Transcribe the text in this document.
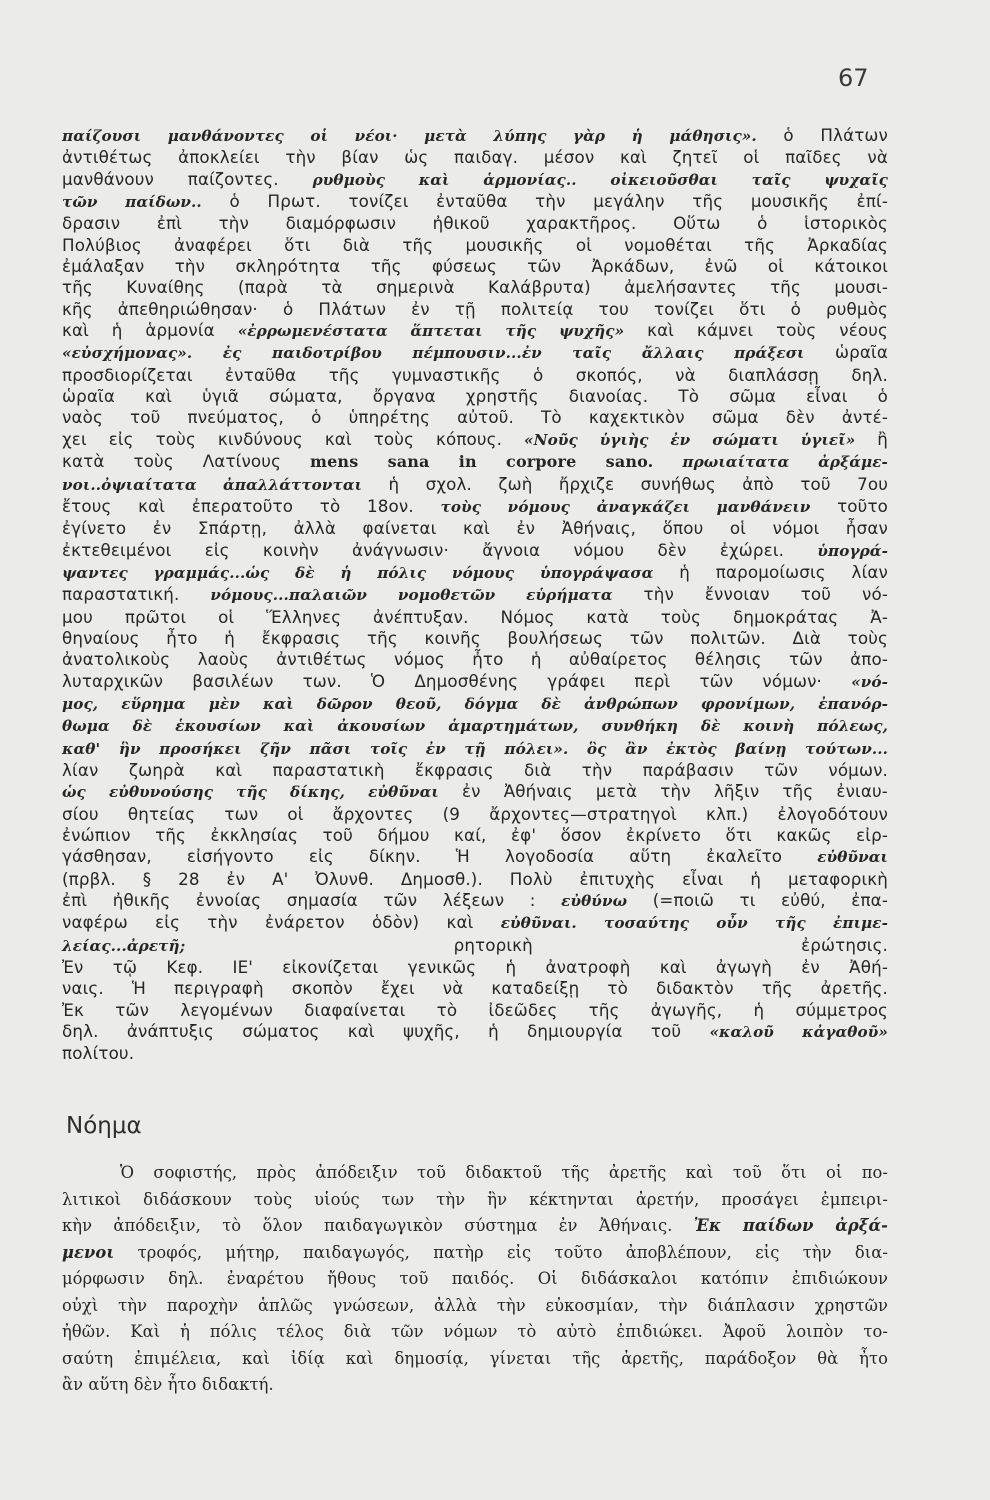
67
παίζουσι μανθάνοντες οἱ νέοι· μετὰ λύπης γὰρ ἡ μάθησις». ὁ Πλάτων
ἀντιθέτως ἀποκλείει τὴν βίαν ὡς παιδαγ. μέσον καὶ ζητεῖ οἱ παῖδες νὰ
μανθάνουν παίζοντες. ρυθμοὺς καὶ ἁρμονίας.. οἰκειοῦσθαι ταῖς ψυχαῖς
τῶν παίδων.. ὁ Πρωτ. τονίζει ἐνταῦθα τὴν μεγάλην τῆς μουσικῆς ἐπί-
δρασιν ἐπὶ τὴν διαμόρφωσιν ἠθικοῦ χαρακτῆρος. Οὕτω ὁ ἱστορικὸς
Πολύβιος ἀναφέρει ὅτι διὰ τῆς μουσικῆς οἱ νομοθέται τῆς Ἀρκαδίας
ἐμάλαξαν τὴν σκληρότητα τῆς φύσεως τῶν Ἀρκάδων, ἐνῶ οἱ κάτοικοι
τῆς Κυναίθης (παρὰ τὰ σημερινὰ Καλάβρυτα) ἀμελήσαντες τῆς μουσι-
κῆς ἀπεθηριώθησαν· ὁ Πλάτων ἐν τῇ πολιτείᾳ του τονίζει ὅτι ὁ ρυθμὸς
καὶ ἡ ἁρμονία «ἐρρωμενέστατα ἅπτεται τῆς ψυχῆς» καὶ κάμνει τοὺς νέους
«εὐσχήμονας». ἐς παιδοτρίβου πέμπουσιν...ἐν ταῖς ἄλλαις πράξεσι ὡραῖα
προσδιορίζεται ἐνταῦθα τῆς γυμναστικῆς ὁ σκοπός, νὰ διαπλάσσῃ δηλ.
ὡραῖα καὶ ὑγιᾶ σώματα, ὄργανα χρηστῆς διανοίας. Τὸ σῶμα εἶναι ὁ
ναὸς τοῦ πνεύματος, ὁ ὑπηρέτης αὐτοῦ. Τὸ καχεκτικὸν σῶμα δὲν ἀντέ-
χει εἰς τοὺς κινδύνους καὶ τοὺς κόπους. «Νοῦς ὑγιὴς ἐν σώματι ὑγιεῖ» ἢ
κατὰ τοὺς Λατίνους mens sana in corpore sano. πρωιαίτατα ἀρξάμε-
νοι..ὀψιαίτατα ἀπαλλάττονται ἡ σχολ. ζωὴ ἤρχιζε συνήθως ἀπὸ τοῦ 7ου
ἔτους καὶ ἐπερατοῦτο τὸ 18ον. τοὺς νόμους ἀναγκάζει μανθάνειν τοῦτο
ἐγίνετο ἐν Σπάρτῃ, ἀλλὰ φαίνεται καὶ ἐν Ἀθήναις, ὅπου οἱ νόμοι ἦσαν
ἐκτεθειμένοι εἰς κοινὴν ἀνάγνωσιν· ἄγνοια νόμου δὲν ἐχώρει. ὑπογρά-
ψαντες γραμμάς...ὡς δὲ ἡ πόλις νόμους ὑπογράψασα ἡ παρομοίωσις λίαν
παραστατική. νόμους...παλαιῶν νομοθετῶν εὑρήματα τὴν ἔννοιαν τοῦ νό-
μου πρῶτοι οἱ Ἕλληνες ἀνέπτυξαν. Νόμος κατὰ τοὺς δημοκράτας Ἀ-
θηναίους ἦτο ἡ ἔκφρασις τῆς κοινῆς βουλήσεως τῶν πολιτῶν. Διὰ τοὺς
ἀνατολικοὺς λαοὺς ἀντιθέτως νόμος ἦτο ἡ αὐθαίρετος θέλησις τῶν ἀπο-
λυταρχικῶν βασιλέων των. Ὁ Δημοσθένης γράφει περὶ τῶν νόμων· «νό-
μος, εὕρημα μὲν καὶ δῶρον θεοῦ, δόγμα δὲ ἀνθρώπων φρονίμων, ἐπανόρ-
θωμα δὲ ἑκουσίων καὶ ἀκουσίων ἁμαρτημάτων, συνθήκη δὲ κοινὴ πόλεως,
καθ' ἣν προσήκει ζῆν πᾶσι τοῖς ἐν τῇ πόλει». ὃς ἂν ἐκτὸς βαίνῃ τούτων...
λίαν ζωηρὰ καὶ παραστατικὴ ἔκφρασις διὰ τὴν παράβασιν τῶν νόμων.
ὡς εὐθυνούσης τῆς δίκης, εὐθῦναι ἐν Ἀθήναις μετὰ τὴν λῆξιν τῆς ἐνιαυ-
σίου θητείας των οἱ ἄρχοντες (9 ἄρχοντες—στρατηγοὶ κλπ.) ἐλογοδότουν
ἐνώπιον τῆς ἐκκλησίας τοῦ δήμου καί, ἐφ' ὅσον ἐκρίνετο ὅτι κακῶς εἰρ-
γάσθησαν, εἰσήγοντο εἰς δίκην. Ἡ λογοδοσία αὕτη ἐκαλεῖτο εὐθῦναι
(πρβλ. § 28 ἐν Α' Ὀλυνθ. Δημοσθ.). Πολὺ ἐπιτυχὴς εἶναι ἡ μεταφορικὴ
ἐπὶ ἠθικῆς ἐννοίας σημασία τῶν λέξεων : εὐθύνω (=ποιῶ τι εὐθύ, ἐπα-
ναφέρω εἰς τὴν ἐνάρετον ὁδὸν) καὶ εὐθῦναι. τοσαύτης οὖν τῆς ἐπιμε-
λείας...ἀρετῆ; ρητορικὴ ἐρώτησις.
Ἐν τῷ Κεφ. ΙΕ' εἰκονίζεται γενικῶς ἡ ἀνατροφὴ καὶ ἀγωγὴ ἐν Ἀθή-
ναις. Ἡ περιγραφὴ σκοπὸν ἔχει νὰ καταδείξῃ τὸ διδακτὸν τῆς ἀρετῆς.
Ἐκ τῶν λεγομένων διαφαίνεται τὸ ἰδεῶδες τῆς ἀγωγῆς, ἡ σύμμετρος
δηλ. ἀνάπτυξις σώματος καὶ ψυχῆς, ἡ δημιουργία τοῦ «καλοῦ κἀγαθοῦ»
πολίτου.
Νόημα
Ὁ σοφιστής, πρὸς ἀπόδειξιν τοῦ διδακτοῦ τῆς ἀρετῆς καὶ τοῦ ὅτι οἱ πο-
λιτικοὶ διδάσκουν τοὺς υἱούς των τὴν ἣν κέκτηνται ἀρετήν, προσάγει ἐμπειρι-
κὴν ἀπόδειξιν, τὸ ὅλον παιδαγωγικὸν σύστημα ἐν Ἀθήναις. Ἐκ παίδων ἀρξά-
μενοι τροφός, μήτηρ, παιδαγωγός, πατὴρ εἰς τοῦτο ἀποβλέπουν, εἰς τὴν δια-
μόρφωσιν δηλ. ἐναρέτου ἤθους τοῦ παιδός. Οἱ διδάσκαλοι κατόπιν ἐπιδιώκουν
οὐχὶ τὴν παροχὴν ἁπλῶς γνώσεων, ἀλλὰ τὴν εὐκοσμίαν, τὴν διάπλασιν χρηστῶν
ἠθῶν. Καὶ ἡ πόλις τέλος διὰ τῶν νόμων τὸ αὐτὸ ἐπιδιώκει. Ἀφοῦ λοιπὸν το-
σαύτη ἐπιμέλεια, καὶ ἰδίᾳ καὶ δημοσίᾳ, γίνεται τῆς ἀρετῆς, παράδοξον θὰ ἦτο
ἂν αὕτη δὲν ἦτο διδακτή.
